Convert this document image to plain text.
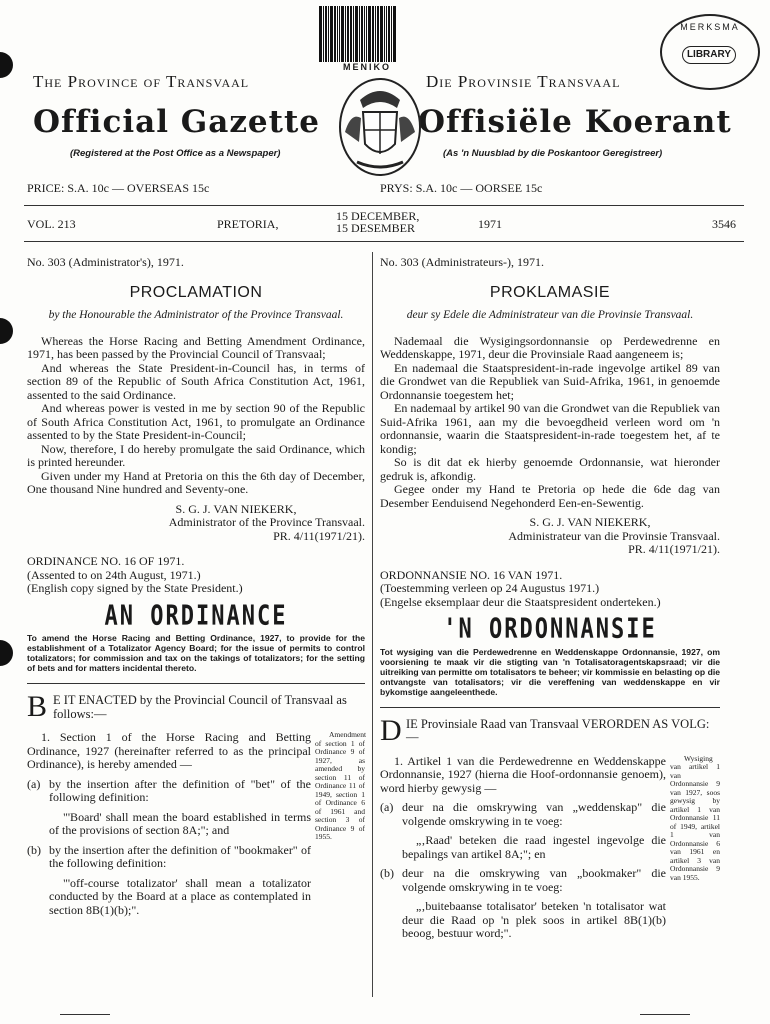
MENIKO
MERKSMA
LIBRARY
The Province of Transvaal	Die Provinsie Transvaal
Official Gazette	Offisiële Koerant
(Registered at the Post Office as a Newspaper)	(As 'n Nuusblad by die Poskantoor Geregistreer)
PRICE: S.A. 10c — OVERSEAS 15c	PRYS: S.A. 10c — OORSEE 15c
VOL. 213	PRETORIA,
15 DECEMBER,
15 DESEMBER	1971	3546

No. 303 (Administrator's), 1971.

PROCLAMATION

by the Honourable the Administrator of the Province Transvaal.

Whereas the Horse Racing and Betting Amendment Ordinance, 1971, has been passed by the Provincial Council of Transvaal;

And whereas the State President-in-Council has, in terms of section 89 of the Republic of South Africa Constitution Act, 1961, assented to the said Ordinance.

And whereas power is vested in me by section 90 of the Republic of South Africa Constitution Act, 1961, to promulgate an Ordinance assented to by the State President-in-Council;

Now, therefore, I do hereby promulgate the said Ordinance, which is printed hereunder.

Given under my Hand at Pretoria on this the 6th day of December, One thousand Nine hundred and Seventy-one.

S. G. J. VAN NIEKERK,

Administrator of the Province Transvaal.

PR. 4/11(1971/21).

ORDINANCE NO. 16 OF 1971.

(Assented to on 24th August, 1971.)

(English copy signed by the State President.)

AN ORDINANCE

To amend the Horse Racing and Betting Ordinance, 1927, to provide for the establishment of a Totalizator Agency Board; for the issue of permits to control totalizators; for commission and tax on the takings of totalizators; for the setting of bets and for matters incidental thereto.

B E IT ENACTED by the Provincial Council of Transvaal as follows:—

1. Section 1 of the Horse Racing and Betting Ordinance, 1927 (hereinafter referred to as the principal Ordinance), is hereby amended —
Amendment of section 1 of Ordinance 9 of 1927, as amended by section 11 of Ordinance 11 of 1949, section 1 of Ordinance 6 of 1961 and section 3 of Ordinance 9 of 1955.

(a) by the insertion after the definition of "bet" of the following definition:

"'Board' shall mean the board established in terms of the provisions of section 8A;"; and

(b) by the insertion after the definition of "bookmaker" of the following definition:

"'off-course totalizator' shall mean a totalizator conducted by the Board at a place as contemplated in section 8B(1)(b);".

No. 303 (Administrateurs-), 1971.

PROKLAMASIE

deur sy Edele die Administrateur van die Provinsie Transvaal.

Nademaal die Wysigingsordonnansie op Perdewedrenne en Weddenskappe, 1971, deur die Provinsiale Raad aangeneem is;

En nademaal die Staatspresident-in-rade ingevolge artikel 89 van die Grondwet van die Republiek van Suid-Afrika, 1961, in genoemde Ordonnansie toegestem het;

En nademaal by artikel 90 van die Grondwet van die Republiek van Suid-Afrika 1961, aan my die bevoegdheid verleen word om 'n ordonnansie, waarin die Staatspresident-in-rade toegestem het, af te kondig;

So is dit dat ek hierby genoemde Ordonnansie, wat hieronder gedruk is, afkondig.

Gegee onder my Hand te Pretoria op hede die 6de dag van Desember Eenduisend Negehonderd Een-en-Sewentig.

S. G. J. VAN NIEKERK,

Administrateur van die Provinsie Transvaal.

PR. 4/11(1971/21).

ORDONNANSIE NO. 16 VAN 1971.

(Toestemming verleen op 24 Augustus 1971.)

(Engelse eksemplaar deur die Staatspresident onderteken.)

'N ORDONNANSIE

Tot wysiging van die Perdewedrenne en Weddenskappe Ordonnansie, 1927, om voorsiening te maak vir die stigting van 'n Totalisatoragentskapsraad; vir die uitreiking van permitte om totalisators te beheer; vir kommissie en belasting op die ontvangste van totalisators; vir die vereffening van weddenskappe en vir bykomstige aangeleenthede.

D IE Provinsiale Raad van Transvaal VERORDEN AS VOLG:—

1. Artikel 1 van die Perdewedrenne en Weddenskappe Ordonnansie, 1927 (hierna die Hoof-ordonnansie genoem), word hierby gewysig —
Wysiging van artikel 1 van Ordonnansie 9 van 1927, soos gewysig by artikel 1 van Ordonnansie 11 of 1949, artikel 1 van Ordonnansie 6 van 1961 en artikel 3 van Ordonnansie 9 van 1955.

(a) deur na die omskrywing van „weddenskap" die volgende omskrywing in te voeg:

„‚Raad' beteken die raad ingestel ingevolge die bepalings van artikel 8A;"; en

(b) deur na die omskrywing van „bookmaker" die volgende omskrywing in te voeg:

„‚buitebaanse totalisator' beteken 'n totalisator wat deur die Raad op 'n plek soos in artikel 8B(1)(b) beoog, bestuur word;".
